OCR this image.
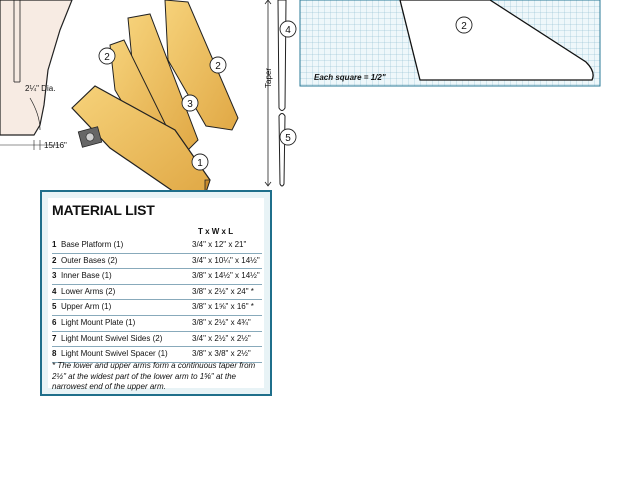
2¼" Dia.
15/16"
1
2
2
3
Taper
4
5
2
Each square = 1/2"
MATERIAL LIST
T x W x L
1 Base Platform (1)	3/4" x 12" x 21"
2 Outer Bases (2)	3/4" x 10¼" x 14½"
3 Inner Base (1)	3/8" x 14½" x 14½"
4 Lower Arms (2)	3/8" x 2½" x 24" *
5 Upper Arm (1)	3/8" x 1⅝" x 16" *
6 Light Mount Plate (1)	3/8" x 2½" x 4¾"
7 Light Mount Swivel Sides (2)	3/4" x 2½" x 2½"
8 Light Mount Swivel Spacer (1)	3/8" x 3/8" x 2½"
* The lower and upper arms form a continuous taper from 2½" at the widest part of the lower arm to 1⅝" at the narrowest end of the upper arm.
